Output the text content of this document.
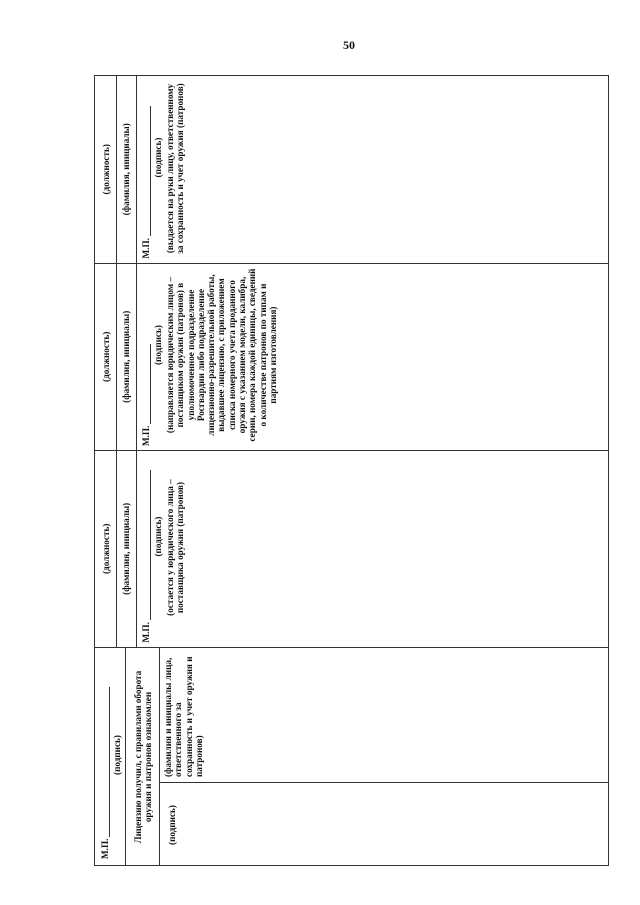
50
М.П.
(подпись) Лицензию получил, с правилами оборота оружия и патронов ознакомлен
(подпись)
(фамилия и инициалы лица, ответственного за сохранность и учет оружия и патронов)
(должность) (фамилия, инициалы)
М.П.
(подпись) (остается у юридического лица – поставщика оружия (патронов)
(должность) (фамилия, инициалы)
М.П.
(подпись) (направляется юридическим лицом – поставщиком оружия (патронов) в уполномоченное подразделение Росгвардии либо подразделение лицензионно-разрешительной работы, выдавшее лицензию, с приложением списка номерного учета проданного оружия с указанием модели, калибра, серии, номера каждой единицы, сведений о количестве патронов по типам и партиям изготовления)
(должность) (фамилия, инициалы)
М.П.
(подпись) (выдается на руки лицу, ответственному за сохранность и учет оружия (патронов)
